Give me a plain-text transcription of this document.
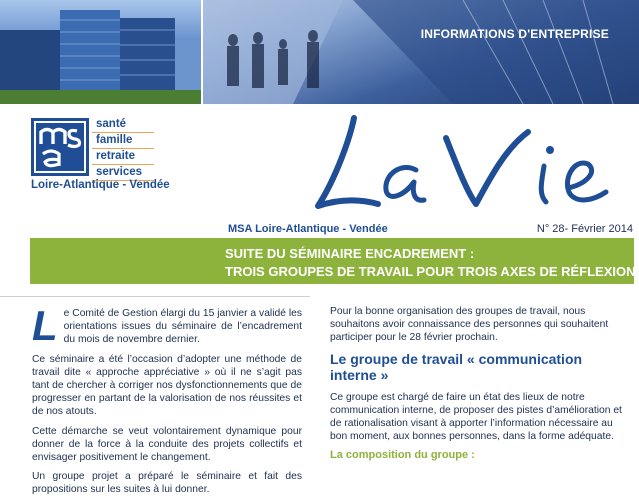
INFORMATIONS D'ENTREPRISE
santé
famille
retraite
services
Loire-Atlantique - Vendée
MSA Loire-Atlantique - Vendée	N° 28- Février 2014
SUITE DU SÉMINAIRE ENCADREMENT :
TROIS GROUPES DE TRAVAIL POUR TROIS AXES DE RÉFLEXION

Le Comité de Gestion élargi du 15 janvier a validé les orientations issues du séminaire de l’encadrement du mois de novembre dernier.

Ce séminaire a été l’occasion d’adopter une méthode de travail dite « approche appréciative » où il ne s’agit pas tant de chercher à corriger nos dysfonctionnements que de progresser en partant de la valorisation de nos réussites et de nos atouts.

Cette démarche se veut volontairement dynamique pour donner de la force à la conduite des projets collectifs et envisager positivement le changement.

Un groupe projet a préparé le séminaire et fait des propositions sur les suites à lui donner.

Pour la bonne organisation des groupes de travail, nous souhaitons avoir connaissance des personnes qui souhaitent participer pour le 28 février prochain.

Le groupe de travail « communication interne »

Ce groupe est chargé de faire un état des lieux de notre communication interne, de proposer des pistes d’amélioration et de rationalisation visant à apporter l’information nécessaire au bon moment, aux bonnes personnes, dans la forme adéquate.

La composition du groupe :
